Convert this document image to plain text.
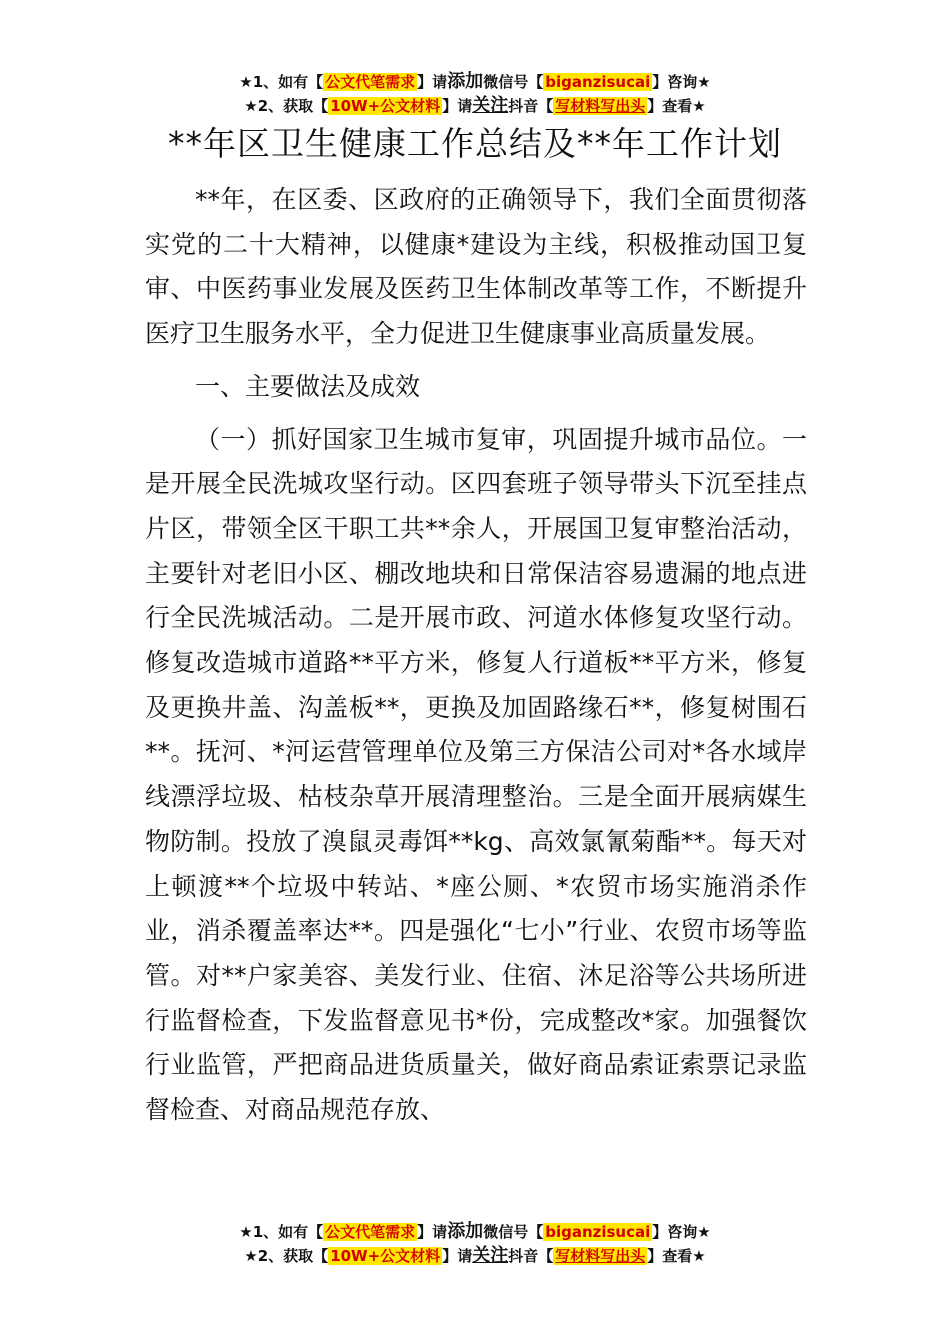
★1、如有【 公文代笔需求 】请添加微信号【 biganzisucai 】咨询★
★2、获取【 10W+公文材料 】请关注抖音【 写材料写出头 】查看★
**年区卫生健康工作总结及**年工作计划

**年，在区委、区政府的正确领导下，我们全面贯彻落实党的二十大精神，以健康*建设为主线，积极推动国卫复审、中医药事业发展及医药卫生体制改革等工作，不断提升医疗卫生服务水平，全力促进卫生健康事业高质量发展。

一、主要做法及成效

（一）抓好国家卫生城市复审，巩固提升城市品位。一是开展全民洗城攻坚行动。区四套班子领导带头下沉至挂点片区，带领全区干职工共**余人，开展国卫复审整治活动，主要针对老旧小区、棚改地块和日常保洁容易遗漏的地点进行全民洗城活动。二是开展市政、河道水体修复攻坚行动。修复改造城市道路**平方米，修复人行道板**平方米，修复及更换井盖、沟盖板**，更换及加固路缘石**，修复树围石**。抚河、*河运营管理单位及第三方保洁公司对*各水域岸线漂浮垃圾、枯枝杂草开展清理整治。三是全面开展病媒生物防制。投放了溴鼠灵毒饵**kg、高效氯氰菊酯**。每天对上顿渡**个垃圾中转站、*座公厕、*农贸市场实施消杀作业，消杀覆盖率达**。四是强化“七小”行业、农贸市场等监管。对**户家美容、美发行业、住宿、沐足浴等公共场所进行监督检查，下发监督意见书*份，完成整改*家。加强餐饮行业监管，严把商品进货质量关，做好商品索证索票记录监督检查、对商品规范存放、

★1、如有【 公文代笔需求 】请添加微信号【 biganzisucai 】咨询★
★2、获取【 10W+公文材料 】请关注抖音【 写材料写出头 】查看★
